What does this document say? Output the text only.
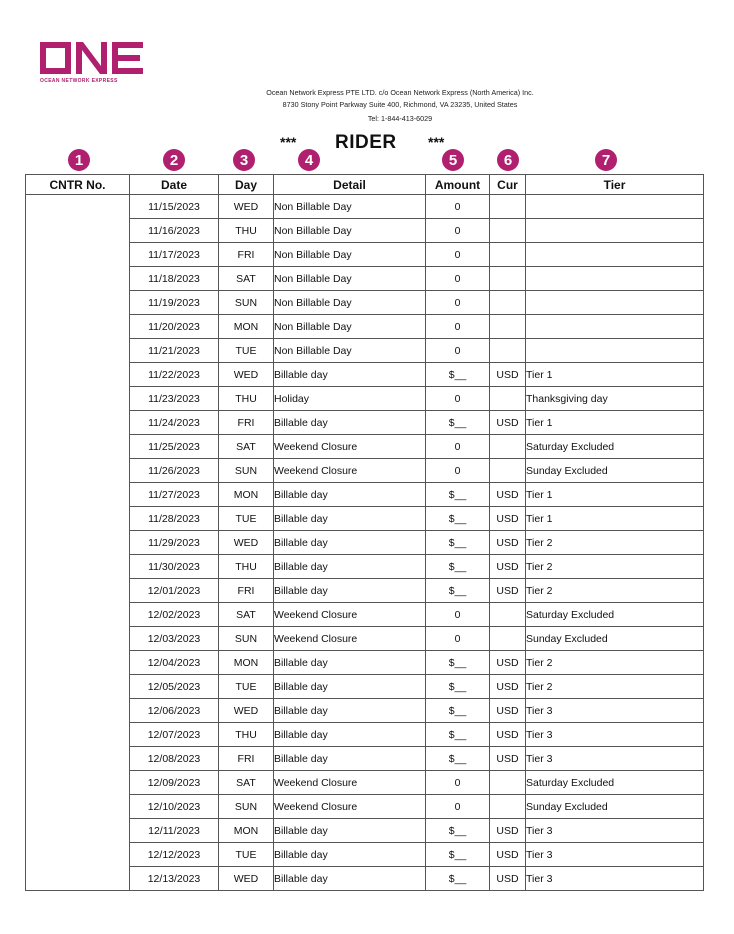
OCEAN NETWORK EXPRESS
Ocean Network Express PTE LTD. c/o Ocean Network Express (North America) Inc.
8730 Stony Point Parkway Suite 400, Richmond, VA 23235, United States
Tel: 1-844-413-6029
*** RIDER ***
1	2	3	4	5	6	7
CNTR No.	Date	Day	Detail	Amount	Cur	Tier
	11/15/2023	WED	Non Billable Day	0		
	11/16/2023	THU	Non Billable Day	0		
	11/17/2023	FRI	Non Billable Day	0		
	11/18/2023	SAT	Non Billable Day	0		
	11/19/2023	SUN	Non Billable Day	0		
	11/20/2023	MON	Non Billable Day	0		
	11/21/2023	TUE	Non Billable Day	0		
	11/22/2023	WED	Billable day	$__	USD	Tier 1
	11/23/2023	THU	Holiday	0		Thanksgiving day
	11/24/2023	FRI	Billable day	$__	USD	Tier 1
	11/25/2023	SAT	Weekend Closure	0		Saturday Excluded
	11/26/2023	SUN	Weekend Closure	0		Sunday Excluded
	11/27/2023	MON	Billable day	$__	USD	Tier 1
	11/28/2023	TUE	Billable day	$__	USD	Tier 1
	11/29/2023	WED	Billable day	$__	USD	Tier 2
	11/30/2023	THU	Billable day	$__	USD	Tier 2
	12/01/2023	FRI	Billable day	$__	USD	Tier 2
	12/02/2023	SAT	Weekend Closure	0		Saturday Excluded
	12/03/2023	SUN	Weekend Closure	0		Sunday Excluded
	12/04/2023	MON	Billable day	$__	USD	Tier 2
	12/05/2023	TUE	Billable day	$__	USD	Tier 2
	12/06/2023	WED	Billable day	$__	USD	Tier 3
	12/07/2023	THU	Billable day	$__	USD	Tier 3
	12/08/2023	FRI	Billable day	$__	USD	Tier 3
	12/09/2023	SAT	Weekend Closure	0		Saturday Excluded
	12/10/2023	SUN	Weekend Closure	0		Sunday Excluded
	12/11/2023	MON	Billable day	$__	USD	Tier 3
	12/12/2023	TUE	Billable day	$__	USD	Tier 3
	12/13/2023	WED	Billable day	$__	USD	Tier 3
